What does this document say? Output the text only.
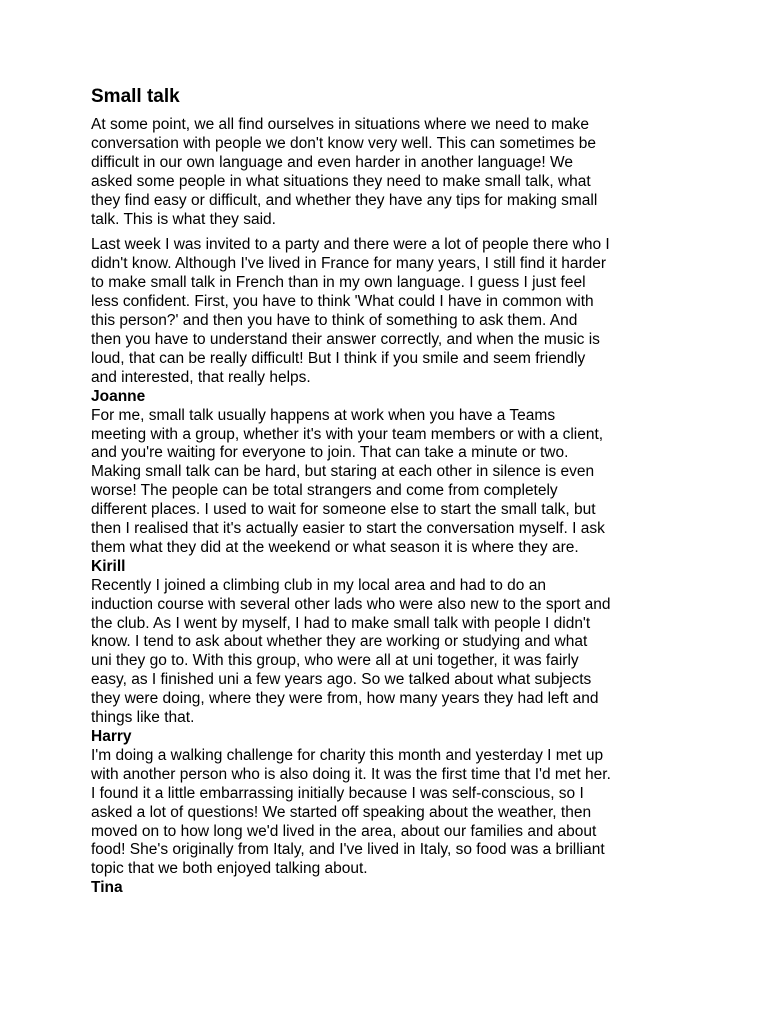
Small talk

At some point, we all find ourselves in situations where we need to make
conversation with people we don't know very well. This can sometimes be
difficult in our own language and even harder in another language! We
asked some people in what situations they need to make small talk, what
they find easy or difficult, and whether they have any tips for making small
talk. This is what they said.

Last week I was invited to a party and there were a lot of people there who I
didn't know. Although I've lived in France for many years, I still find it harder
to make small talk in French than in my own language. I guess I just feel
less confident. First, you have to think 'What could I have in common with
this person?' and then you have to think of something to ask them. And
then you have to understand their answer correctly, and when the music is
loud, that can be really difficult! But I think if you smile and seem friendly
and interested, that really helps.

Joanne

For me, small talk usually happens at work when you have a Teams
meeting with a group, whether it's with your team members or with a client,
and you're waiting for everyone to join. That can take a minute or two.
Making small talk can be hard, but staring at each other in silence is even
worse! The people can be total strangers and come from completely
different places. I used to wait for someone else to start the small talk, but
then I realised that it's actually easier to start the conversation myself. I ask
them what they did at the weekend or what season it is where they are.

Kirill

Recently I joined a climbing club in my local area and had to do an
induction course with several other lads who were also new to the sport and
the club. As I went by myself, I had to make small talk with people I didn't
know. I tend to ask about whether they are working or studying and what
uni they go to. With this group, who were all at uni together, it was fairly
easy, as I finished uni a few years ago. So we talked about what subjects
they were doing, where they were from, how many years they had left and
things like that.

Harry

I'm doing a walking challenge for charity this month and yesterday I met up
with another person who is also doing it. It was the first time that I'd met her.
I found it a little embarrassing initially because I was self-conscious, so I
asked a lot of questions! We started off speaking about the weather, then
moved on to how long we'd lived in the area, about our families and about
food! She's originally from Italy, and I've lived in Italy, so food was a brilliant
topic that we both enjoyed talking about.

Tina
